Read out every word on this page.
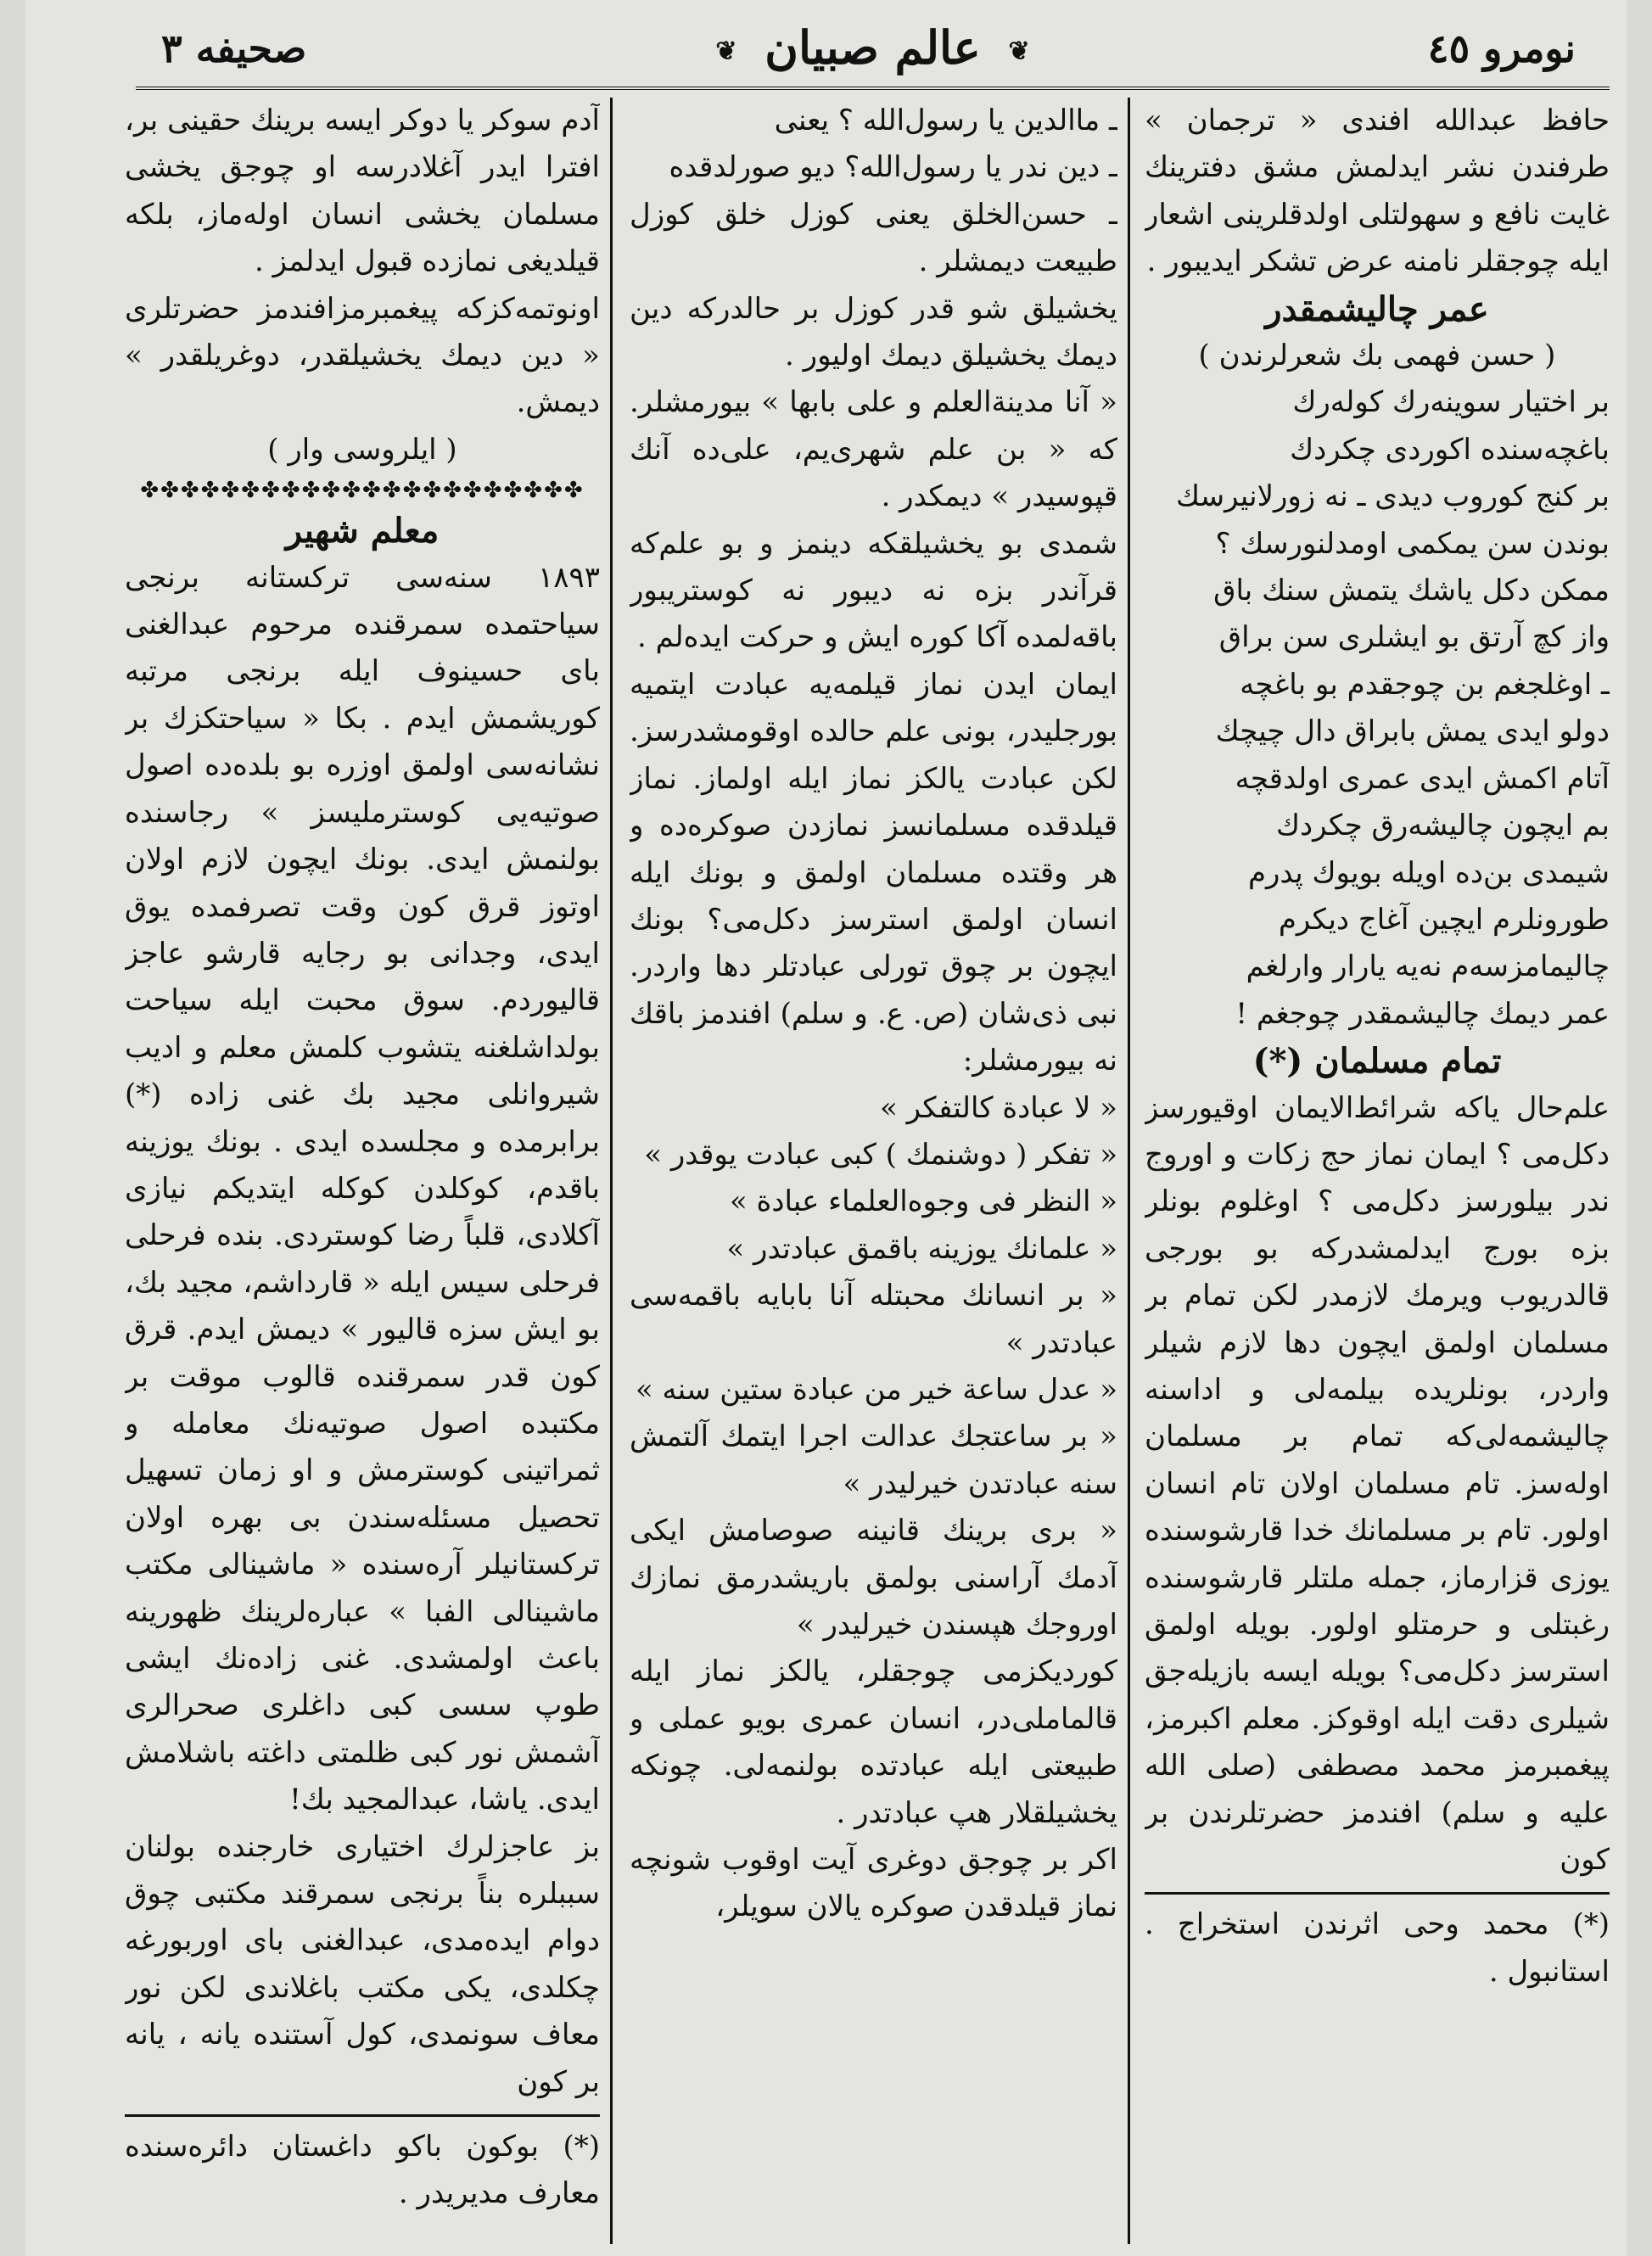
نومرو ٤٥
❦ عالم صبيان ❦
صحيفه ٣

حافظ عبدالله افندی « ترجمان » طرفندن نشر ایدلمش مشق دفترینك غایت نافع و سهولتلی اولدقلرینی اشعار ایله چوجقلر نامنه عرض تشکر ایدیبور .

عمر چالیشمقدر

( حسن فهمی بك شعرلرندن )

بر اختیار سوینەرك کولەرك

باغچەسندە اکوردی چکردك

بر کنج کوروب دیدی ـ نه زورلانیرسك

بوندن سن یمکمی اومدلنورسك ؟

ممکن دکل یاشك یتمش سنك باق

واز کچ آرتق بو ایشلری سن براق

ـ اوغلجغم بن چوجقدم بو باغچە

دولو ایدی یمش بابراق دال چیچك

آتام اکمش ایدی عمری اولدقچە

بم ایچون چالیشەرق چکردك

شیمدی بن‌دە اویلە بویوك پدرم

طورونلرم ایچین آغاج دیکرم

چالیمامزسەم نەیە یارار وارلغم

عمر دیمك چالیشمقدر چوجغم !

تمام مسلمان (*)

علم‌حال یاکه شرائط‌الایمان اوقیورسز دکل‌می ؟ ایمان نماز حج زکات و اوروج ندر بیلورسز دکل‌می ؟ اوغلوم بونلر بزه بورج ایدلمشدرکه بو بورجی قالدریوب ویرمك لازمدر لکن تمام بر مسلمان اولمق ایچون دها لازم شیلر واردر، بونلریده بیلمەلی و اداسنه چالیشمەلی‌که تمام بر مسلمان اولەسز. تام مسلمان اولان تام انسان اولور. تام بر مسلمانك خدا قارشوسندە یوزی قزارماز، جمله ملتلر قارشوسندە رغبتلی و حرمتلو اولور. بویلە اولمق استرسز دکل‌می؟ بویلە ایسە بازیلەجق شیلری دقت ایلە اوقوکز. معلم اکبرمز، پیغمبرمز محمد مصطفی (صلی الله علیه و سلم) افندمز حضرتلرندن بر کون

(*) محمد وحی اثرندن استخراج . استانبول .

ـ ماالدین یا رسول‌الله ؟ یعنی

ـ دین ندر یا رسول‌الله؟ دیو صورلدقدە

ـ حسن‌الخلق یعنی کوزل خلق کوزل طبیعت دیمشلر .

یخشیلق شو قدر کوزل بر حالدرکه دین دیمك یخشیلق دیمك اولیور .

« آنا مدینةالعلم و علی بابها » بیورمشلر. که « بن علم شهری‌یم، علی‌دە آنك قپوسیدر » دیمکدر .

شمدی بو یخشیلقکه دینمز و بو علم‌که قرآندر بزه نه دیبور نه کوستریبور باقەلمدە آکا کوره ایش و حرکت ایدەلم .

ایمان ایدن نماز قیلمەیە عبادت ایتمیە بورجلیدر، بونی علم حالدە اوقومشدرسز. لکن عبادت یالکز نماز ایلە اولماز. نماز قیلدقدە مسلمانسز نمازدن صوکرەدە و هر وقتدە مسلمان اولمق و بونك ایلە انسان اولمق استرسز دکل‌می؟ بونك ایچون بر چوق تورلی عبادتلر دها واردر. نبی ذی‌شان (ص. ع. و سلم) افندمز باقك نه بیورمشلر:

« لا عبادة کالتفکر »

« تفکر ( دوشنمك ) کبی عبادت یوقدر »

« النظر فی وجوه‌العلماء عبادة »

« علمانك یوزینه باقمق عبادتدر »

« بر انسانك محبتله آنا بابایه باقمەسی عبادتدر »

« عدل ساعة خیر من عبادة ستین سنه »

« بر ساعتجك عدالت اجرا ایتمك آلتمش سنه عبادتدن خیرلیدر »

« بری برینك قانینه صوصامش ایکی آدمك آراسنی بولمق باریشدرمق نمازك اوروجك هپسندن خیرلیدر »

کوردیکزمی چوجقلر، یالکز نماز ایلە قالماملی‌در، انسان عمری بویو عملی و طبیعتی ایلە عبادتدە بولنمەلی. چونکه یخشیلقلار هپ عبادتدر .

اکر بر چوجق دوغری آیت اوقوب شونچە نماز قیلدقدن صوکرە یالان سویلر،

آدم سوکر یا دوکر ایسە برینك حقینی بر، افترا ایدر آغلادرسە او چوجق یخشی مسلمان یخشی انسان اولەماز، بلکه قیلدیغی نمازدە قبول ایدلمز .

اونوتمەکزکه پیغمبرمزافندمز حضرتلری « دین دیمك یخشیلقدر، دوغریلقدر » دیمش.

( ایلروسی وار )

✤✤✤✤✤✤✤✤✤✤✤✤✤✤✤✤✤✤✤✤✤✤

معلم شهیر

١٨٩٣ سنەسی ترکستانه برنجی سیاحتمدە سمرقندە مرحوم عبدالغنی بای حسینوف ایلە برنجی مرتبه کوریشمش ایدم . بکا « سیاحتکزك بر نشانەسی اولمق اوزره بو بلدەدە اصول صوتیەیی کوسترملیسز » رجاسندە بولنمش ایدی. بونك ایچون لازم اولان اوتوز قرق کون وقت تصرفمدە یوق ایدی، وجدانی بو رجایە قارشو عاجز قالیوردم. سوق محبت ایلە سیاحت بولداشلغنه یتشوب کلمش معلم و ادیب شیروانلی مجید بك غنی زادە (*) برابرمدە و مجلسدە ایدی . بونك یوزینه باقدم، کوکلدن کوکلە ایتدیکم نیازی آکلادی، قلباً رضا کوستردی. بندە فرحلی فرحلی سیس ایلە « قارداشم، مجید بك، بو ایش سزه قالیور » دیمش ایدم. قرق کون قدر سمرقندە قالوب موقت بر مکتبدە اصول صوتیەنك معامله و ثمراتینی کوسترمش و او زمان تسهیل تحصیل مسئلەسندن بی بهره اولان ترکستانیلر آرەسندە « ماشینالی مکتب ماشینالی الفبا » عبارەلرینك ظهورینه باعث اولمشدی. غنی زادەنك ایشی طوپ سسی کبی داغلری صحرالری آشمش نور کبی ظلمتی داغته باشلامش ایدی. یاشا، عبدالمجید بك!

بز عاجزلرك اختیاری خارجندە بولنان سببلره بناً برنجی سمرقند مکتبی چوق دوام ایدەمدی، عبدالغنی بای اوربورغه چکلدی، یکی مکتب باغلاندی لکن نور معاف سونمدی، کول آستندە یانه ، یانه بر کون

(*) بوکون باکو داغستان دائرەسندە معارف مدیریدر .
